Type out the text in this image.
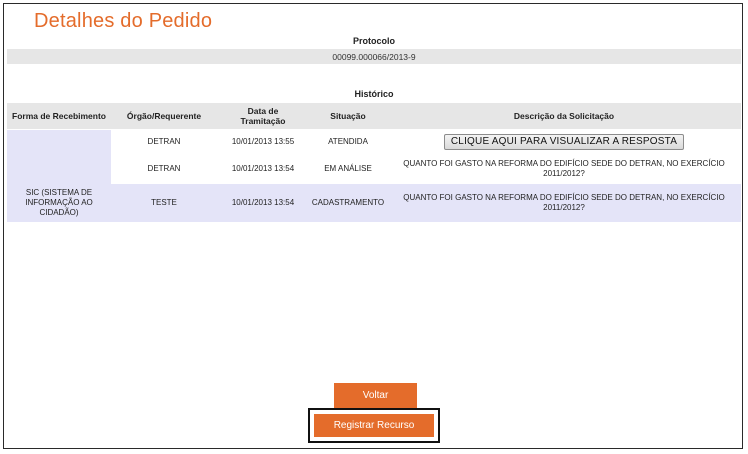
Detalhes do Pedido
Protocolo
00099.000066/2013-9
Histórico
Forma de Recebimento	Órgão/Requerente	Data de Tramitação	Situação	Descrição da Solicitação
	DETRAN	10/01/2013 13:55	ATENDIDA	CLIQUE AQUI PARA VISUALIZAR A RESPOSTA
	DETRAN	10/01/2013 13:54	EM ANÁLISE	QUANTO FOI GASTO NA REFORMA DO EDIFÍCIO SEDE DO DETRAN, NO EXERCÍCIO 2011/2012?
SIC (SISTEMA DE INFORMAÇÃO AO CIDADÃO)	TESTE	10/01/2013 13:54	CADASTRAMENTO	QUANTO FOI GASTO NA REFORMA DO EDIFÍCIO SEDE DO DETRAN, NO EXERCÍCIO 2011/2012?
Voltar
Registrar Recurso
